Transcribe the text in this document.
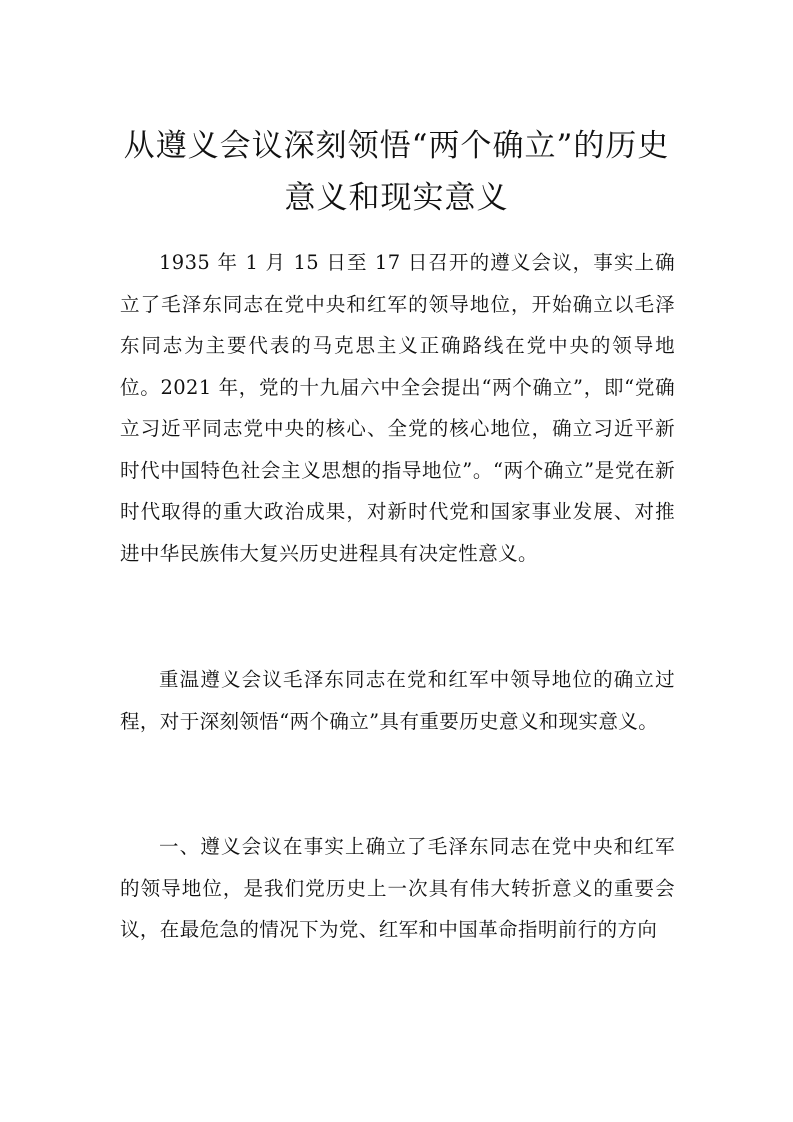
从遵义会议深刻领悟“两个确立”的历史意义和现实意义

1935 年 1 月 15 日至 17 日召开的遵义会议，事实上确立了毛泽东同志在党中央和红军的领导地位，开始确立以毛泽东同志为主要代表的马克思主义正确路线在党中央的领导地位。2021 年，党的十九届六中全会提出“两个确立”，即“党确立习近平同志党中央的核心、全党的核心地位，确立习近平新时代中国特色社会主义思想的指导地位”。“两个确立”是党在新时代取得的重大政治成果，对新时代党和国家事业发展、对推进中华民族伟大复兴历史进程具有决定性意义。

重温遵义会议毛泽东同志在党和红军中领导地位的确立过程，对于深刻领悟“两个确立”具有重要历史意义和现实意义。

一、遵义会议在事实上确立了毛泽东同志在党中央和红军的领导地位，是我们党历史上一次具有伟大转折意义的重要会议，在最危急的情况下为党、红军和中国革命指明前行的方向
